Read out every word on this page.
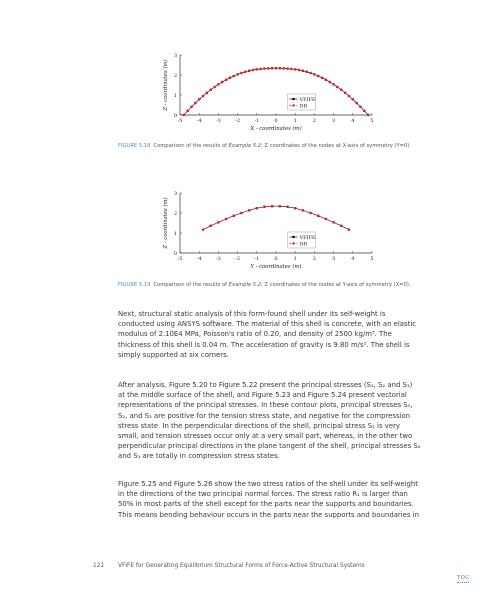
-5	-4	-3	-2	-1	0	1	2	3	4	5
0
1
2
3
X - coordinates (m)
Z - coordinates (m)	VFIFE
DR
FIGURE 5.18 Comparison of the results of Example 5.2; Z coordinates of the nodes at X-axis of symmetry (Y=0).
-5	-4	-3	-2	-1	0	1	2	3	4	5
0
1
2
3
Y - coordinates (m)
Z - coordinates (m)	VFIFE
DR
FIGURE 5.19 Comparison of the results of Example 5.2; Z coordinates of the nodes at Y-axis of symmetry (X=0).

Next, structural static analysis of this form-found shell under its self-weight is
conducted using ANSYS software. The material of this shell is concrete, with an elastic
modulus of 2.10E4 MPa, Poisson's ratio of 0.20, and density of 2500 kg/m³. The
thickness of this shell is 0.04 m. The acceleration of gravity is 9.80 m/s². The shell is
simply supported at six corners.

After analysis, Figure 5.20 to Figure 5.22 present the principal stresses (S₁, S₂ and S₃)
at the middle surface of the shell, and Figure 5.23 and Figure 5.24 present vectorial
representations of the principal stresses. In these contour plots, principal stresses S₁,
S₂, and S₃ are positive for the tension stress state, and negative for the compression
stress state. In the perpendicular directions of the shell, principal stress S₂ is very
small, and tension stresses occur only at a very small part, whereas, in the other two
perpendicular principal directions in the plane tangent of the shell, principal stresses S₂
and S₃ are totally in compression stress states.

Figure 5.25 and Figure 5.26 show the two stress ratios of the shell under its self-weight
in the directions of the two principal normal forces. The stress ratio R₁ is larger than
50% in most parts of the shell except for the parts near the supports and boundaries.
This means bending behaviour occurs in the parts near the supports and boundaries in

121 VFIFE for Generating Equilibrium Structural Forms of Force-Active Structural Systems
TOC
